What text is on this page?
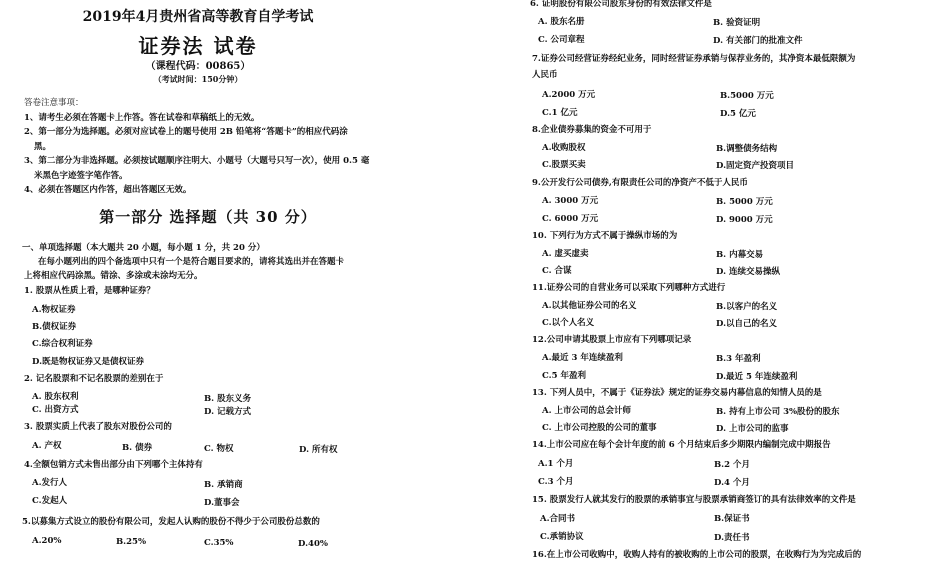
2019年4月贵州省高等教育自学考试
证券法 试卷
（课程代码：00865）
（考试时间：150分钟）
答卷注意事项：
1、请考生必须在答题卡上作答。答在试卷和草稿纸上的无效。
2、第一部分为选择题。必须对应试卷上的题号使用 2B 铅笔将“答题卡”的相应代码涂
黑。
3、第二部分为非选择题。必须按试题顺序注明大、小题号（大题号只写一次），使用 0.5 毫
米黑色字迹签字笔作答。
4、必须在答题区内作答，超出答题区无效。
第一部分 选择题（共 30 分）
一、单项选择题（本大题共 20 小题，每小题 1 分，共 20 分）
在每小题列出的四个备选项中只有一个是符合题目要求的，请将其选出并在答题卡
上将相应代码涂黑。错涂、多涂或未涂均无分。
1. 股票从性质上看，是哪种证券？
A.物权证券
B.债权证券
C.综合权利证券
D.既是物权证券又是债权证券
2. 记名股票和不记名股票的差别在于
A. 股东权利	B. 股东义务
C. 出资方式	D. 记载方式
3. 股票实质上代表了股东对股份公司的
A. 产权	B. 债券	C. 物权	D. 所有权
4.全额包销方式未售出部分由下列哪个主体持有
A.发行人	B. 承销商
C.发起人	D.董事会
5.以募集方式设立的股份有限公司，发起人认购的股份不得少于公司股份总数的
A.20%	B.25%	C.35%	D.40%
6. 证明股份有限公司股东身份的有效法律文件是
A. 股东名册	B. 验资证明
C. 公司章程	D. 有关部门的批准文件
7.证券公司经营证券经纪业务，同时经营证券承销与保荐业务的，其净资本最低限额为
人民币
A.2000 万元	B.5000 万元
C.1 亿元	D.5 亿元
8.企业债券募集的资金不可用于
A.收购股权	B.调整债务结构
C.股票买卖	D.固定资产投资项目
9.公开发行公司债券,有限责任公司的净资产不低于人民币
A. 3000 万元	B. 5000 万元
C. 6000 万元	D. 9000 万元
10. 下列行为方式不属于操纵市场的为
A. 虚买虚卖	B. 内幕交易
C. 合谋	D. 连续交易操纵
11.证券公司的自营业务可以采取下列哪种方式进行
A.以其他证券公司的名义	B.以客户的名义
C.以个人名义	D.以自己的名义
12.公司申请其股票上市应有下列哪项记录
A.最近 3 年连续盈利	B.3 年盈利
C.5 年盈利	D.最近 5 年连续盈利
13. 下列人员中，不属于《证券法》规定的证券交易内幕信息的知情人员的是
A. 上市公司的总会计师	B. 持有上市公司 3%股份的股东
C. 上市公司控股的公司的董事	D. 上市公司的监事
14.上市公司应在每个会计年度的前 6 个月结束后多少期限内编制完成中期报告
A.1 个月	B.2 个月
C.3 个月	D.4 个月
15. 股票发行人就其发行的股票的承销事宜与股票承销商签订的具有法律效率的文件是
A.合同书	B.保证书
C.承销协议	D.责任书
16.在上市公司收购中，收购人持有的被收购的上市公司的股票，在收购行为为完成后的
